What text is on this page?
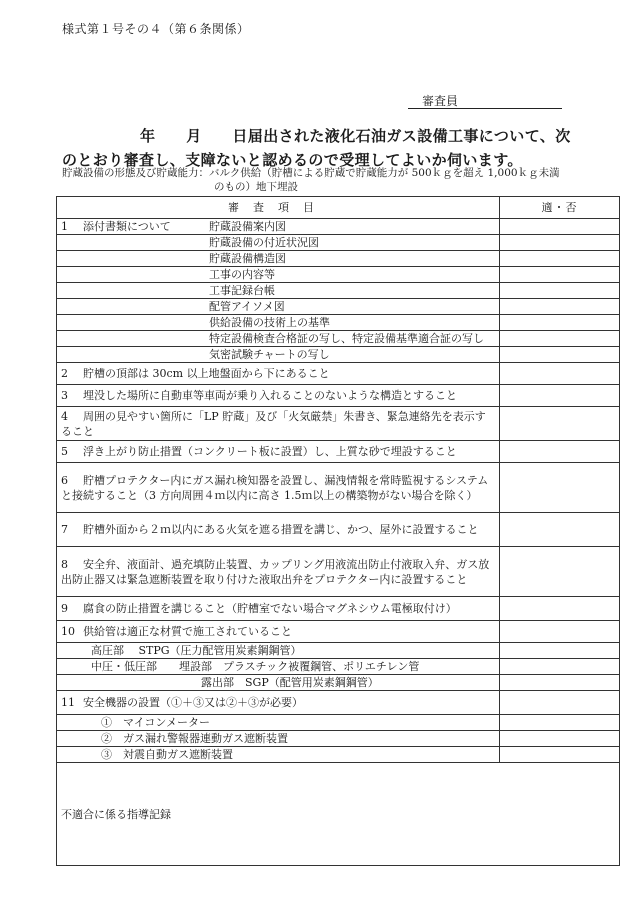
様式第１号その４（第６条関係）
審査員
年　　月　　日届出された液化石油ガス設備工事について、次
のとおり審査し、支障ないと認めるので受理してよいか伺います。
貯蔵設備の形態及び貯蔵能力：バルク供給（貯槽による貯蔵で貯蔵能力が 500ｋｇを超え 1,000ｋｇ未満
のもの）地下埋設
審査項目	適・否
1 添付書類について 貯蔵設備案内図	
貯蔵設備の付近状況図	
貯蔵設備構造図	
工事の内容等	
工事記録台帳	
配管アイソメ図	
供給設備の技術上の基準	
特定設備検査合格証の写し、特定設備基準適合証の写し	
気密試験チャートの写し	
2 貯槽の頂部は 30cm 以上地盤面から下にあること	
3 埋没した場所に自動車等車両が乗り入れることのないような構造とすること	
4 周囲の見やすい箇所に「LP 貯蔵」及び「火気厳禁」朱書き、緊急連絡先を表示すること	
5 浮き上がり防止措置（コンクリート板に設置）し、上質な砂で埋設すること	
6 貯槽プロテクター内にガス漏れ検知器を設置し、漏洩情報を常時監視するシステムと接続すること（3 方向周囲４ｍ以内に高さ 1.5ｍ以上の構築物がない場合を除く）	
7 貯槽外面から２ｍ以内にある火気を遮る措置を講じ、かつ、屋外に設置すること	
8 安全弁、液面計、過充填防止装置、カップリング用液流出防止付液取入弁、ガス放出防止器又は緊急遮断装置を取り付けた液取出弁をプロテクター内に設置すること	
9 腐食の防止措置を講じること（貯槽室でない場合マグネシウム電極取付け）	
10 供給管は適正な材質で施工されていること	
高圧部　 STPG（圧力配管用炭素鋼鋼管）	
中圧・低圧部　　埋設部　プラスチック被覆鋼管、ポリエチレン管	
露出部　SGP（配管用炭素鋼鋼管）	
11 安全機器の設置（①＋③又は②＋③が必要）	
①　マイコンメーター	
②　ガス漏れ警報器連動ガス遮断装置	
③　対震自動ガス遮断装置	
不適合に係る指導記録	
